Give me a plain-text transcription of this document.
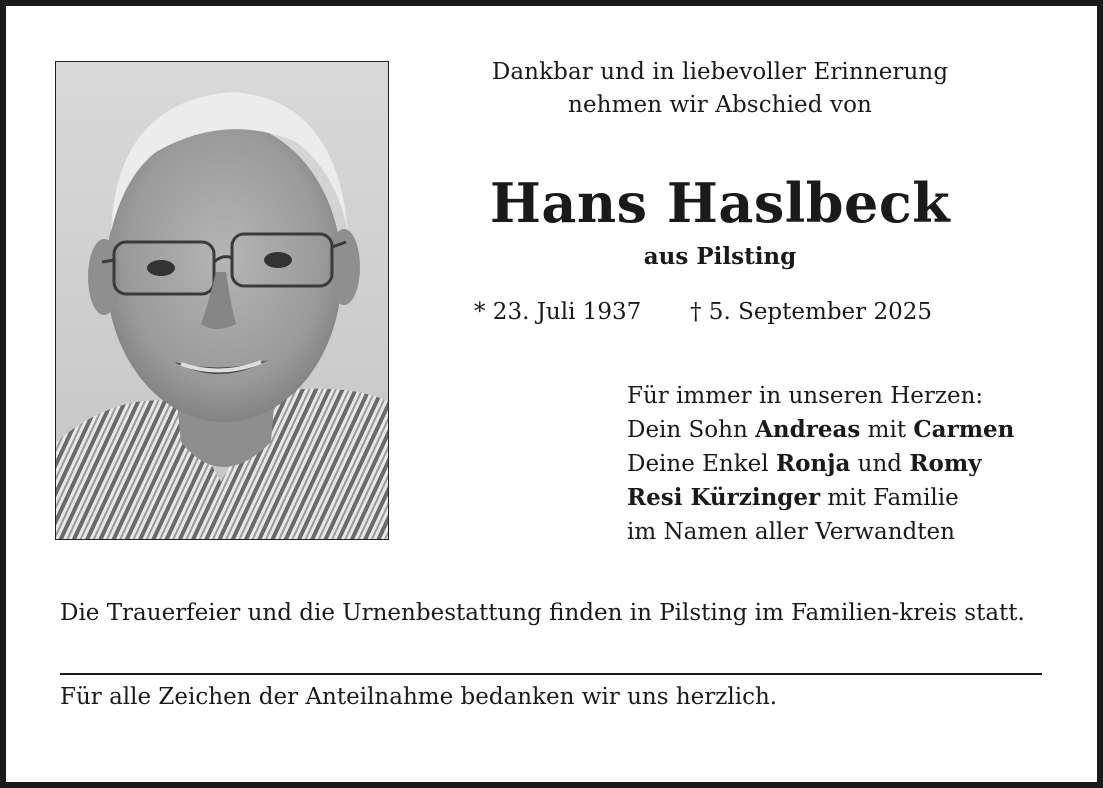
Dankbar und in liebevoller Erinnerung
nehmen wir Abschied von
Hans Haslbeck
aus Pilsting
* 23. Juli 1937 † 5. September 2025
Für immer in unseren Herzen:
Dein Sohn Andreas mit Carmen
Deine Enkel Ronja und Romy
Resi Kürzinger mit Familie
im Namen aller Verwandten
Die Trauerfeier und die Urnenbestattung finden in Pilsting im Familien-kreis statt.
Für alle Zeichen der Anteilnahme bedanken wir uns herzlich.
